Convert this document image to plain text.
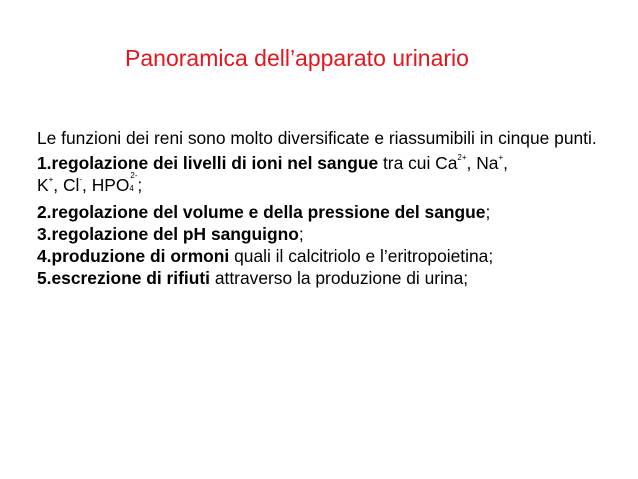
Panoramica dell’apparato urinario

Le funzioni dei reni sono molto diversificate e riassumibili in cinque punti.

1.regolazione dei livelli di ioni nel sangue tra cui $Ca^{2+}$, Na+,
K+, Cl-, HPO 2-
4 ;

2.regolazione del volume e della pressione del sangue;

3.regolazione del pH sanguigno;

4.produzione di ormoni quali il calcitriolo e l’eritropoietina;

5.escrezione di rifiuti attraverso la produzione di urina;
